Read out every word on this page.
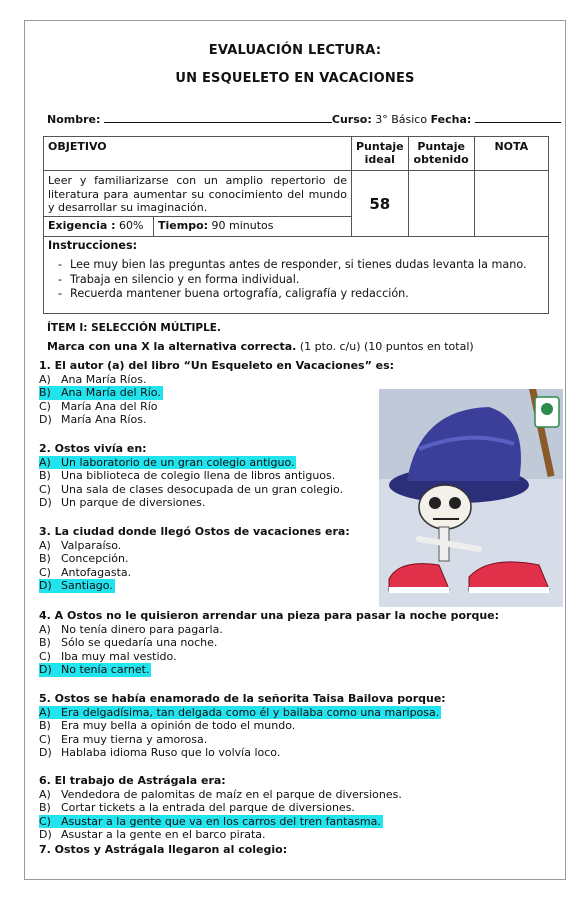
EVALUACIÓN LECTURA:
UN ESQUELETO EN VACACIONES
Nombre:	Curso: 3° Básico Fecha:
OBJETIVO	Puntaje ideal	Puntaje obtenido	NOTA

Leer y familiarizarse con un amplio repertorio de literatura para aumentar su conocimiento del mundo y desarrollar su imaginación.
Exigencia : 60% Tiempo: 90 minutos	58		
Instrucciones:
- Lee muy bien las preguntas antes de responder, si tienes dudas levanta la mano.
- Trabaja en silencio y en forma individual.
- Recuerda mantener buena ortografía, caligrafía y redacción.
ÍTEM I: SELECCIÓN MÚLTIPLE.
Marca con una X la alternativa correcta. (1 pto. c/u) (10 puntos en total)
1. El autor (a) del libro “Un Esqueleto en Vacaciones” es:
A) Ana María Ríos.
B) Ana María del Río.
C) María Ana del Río
D) María Ana Ríos.
2. Ostos vivía en:
A) Un laboratorio de un gran colegio antiguo.
B) Una biblioteca de colegio llena de libros antiguos.
C) Una sala de clases desocupada de un gran colegio.
D) Un parque de diversiones.
3. La ciudad donde llegó Ostos de vacaciones era:
A) Valparaíso.
B) Concepción.
C) Antofagasta.
D) Santiago.
4. A Ostos no le quisieron arrendar una pieza para pasar la noche porque:
A) No tenía dinero para pagarla.
B) Sólo se quedaría una noche.
C) Iba muy mal vestido.
D) No tenía carnet.
5. Ostos se había enamorado de la señorita Taisa Bailova porque:
A) Era delgadísima, tan delgada como él y bailaba como una mariposa.
B) Era muy bella a opinión de todo el mundo.
C) Era muy tierna y amorosa.
D) Hablaba idioma Ruso que lo volvía loco.
6. El trabajo de Astrágala era:
A) Vendedora de palomitas de maíz en el parque de diversiones.
B) Cortar tickets a la entrada del parque de diversiones.
C) Asustar a la gente que va en los carros del tren fantasma.
D) Asustar a la gente en el barco pirata.
7. Ostos y Astrágala llegaron al colegio:
